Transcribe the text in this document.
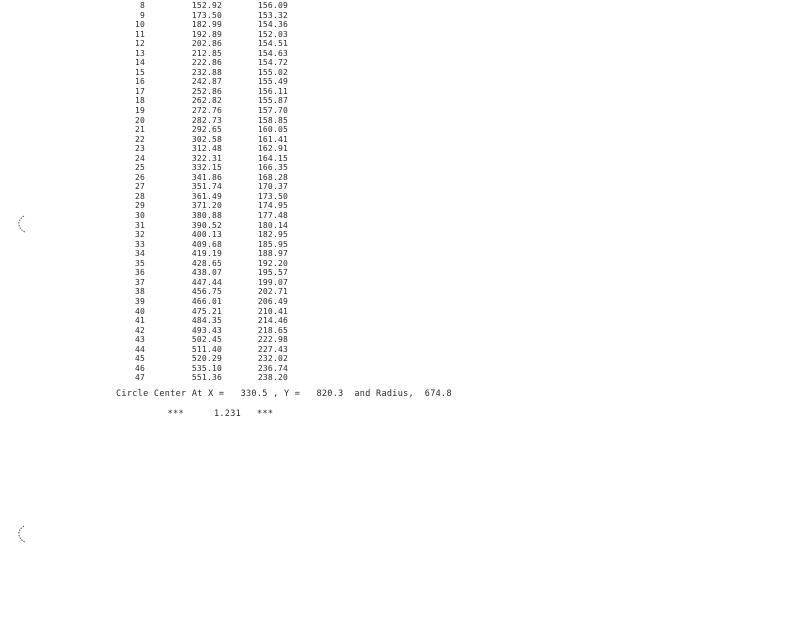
8	152.92	156.09
9	173.50	153.32
10	182.99	154.36
11	192.89	152.03
12	202.86	154.51
13	212.85	154.63
14	222.86	154.72
15	232.88	155.02
16	242.87	155.49
17	252.86	156.11
18	262.82	155.87
19	272.76	157.70
20	282.73	158.85
21	292.65	160.05
22	302.58	161.41
23	312.48	162.91
24	322.31	164.15
25	332.15	166.35
26	341.86	168.28
27	351.74	170.37
28	361.49	173.50
29	371.20	174.95
30	380.88	177.48
31	390.52	180.14
32	400.13	182.95
33	409.68	185.95
34	419.19	188.97
35	428.65	192.20
36	438.07	195.57
37	447.44	199.07
38	456.75	202.71
39	466.01	206.49
40	475.21	210.41
41	484.35	214.46
42	493.43	218.65
43	502.45	222.98
44	511.40	227.43
45	520.29	232.02
46	535.10	236.74
47	551.36	238.20
Circle Center At X =   330.5 , Y =   820.3  and Radius,  674.8

***	1.231 ***
